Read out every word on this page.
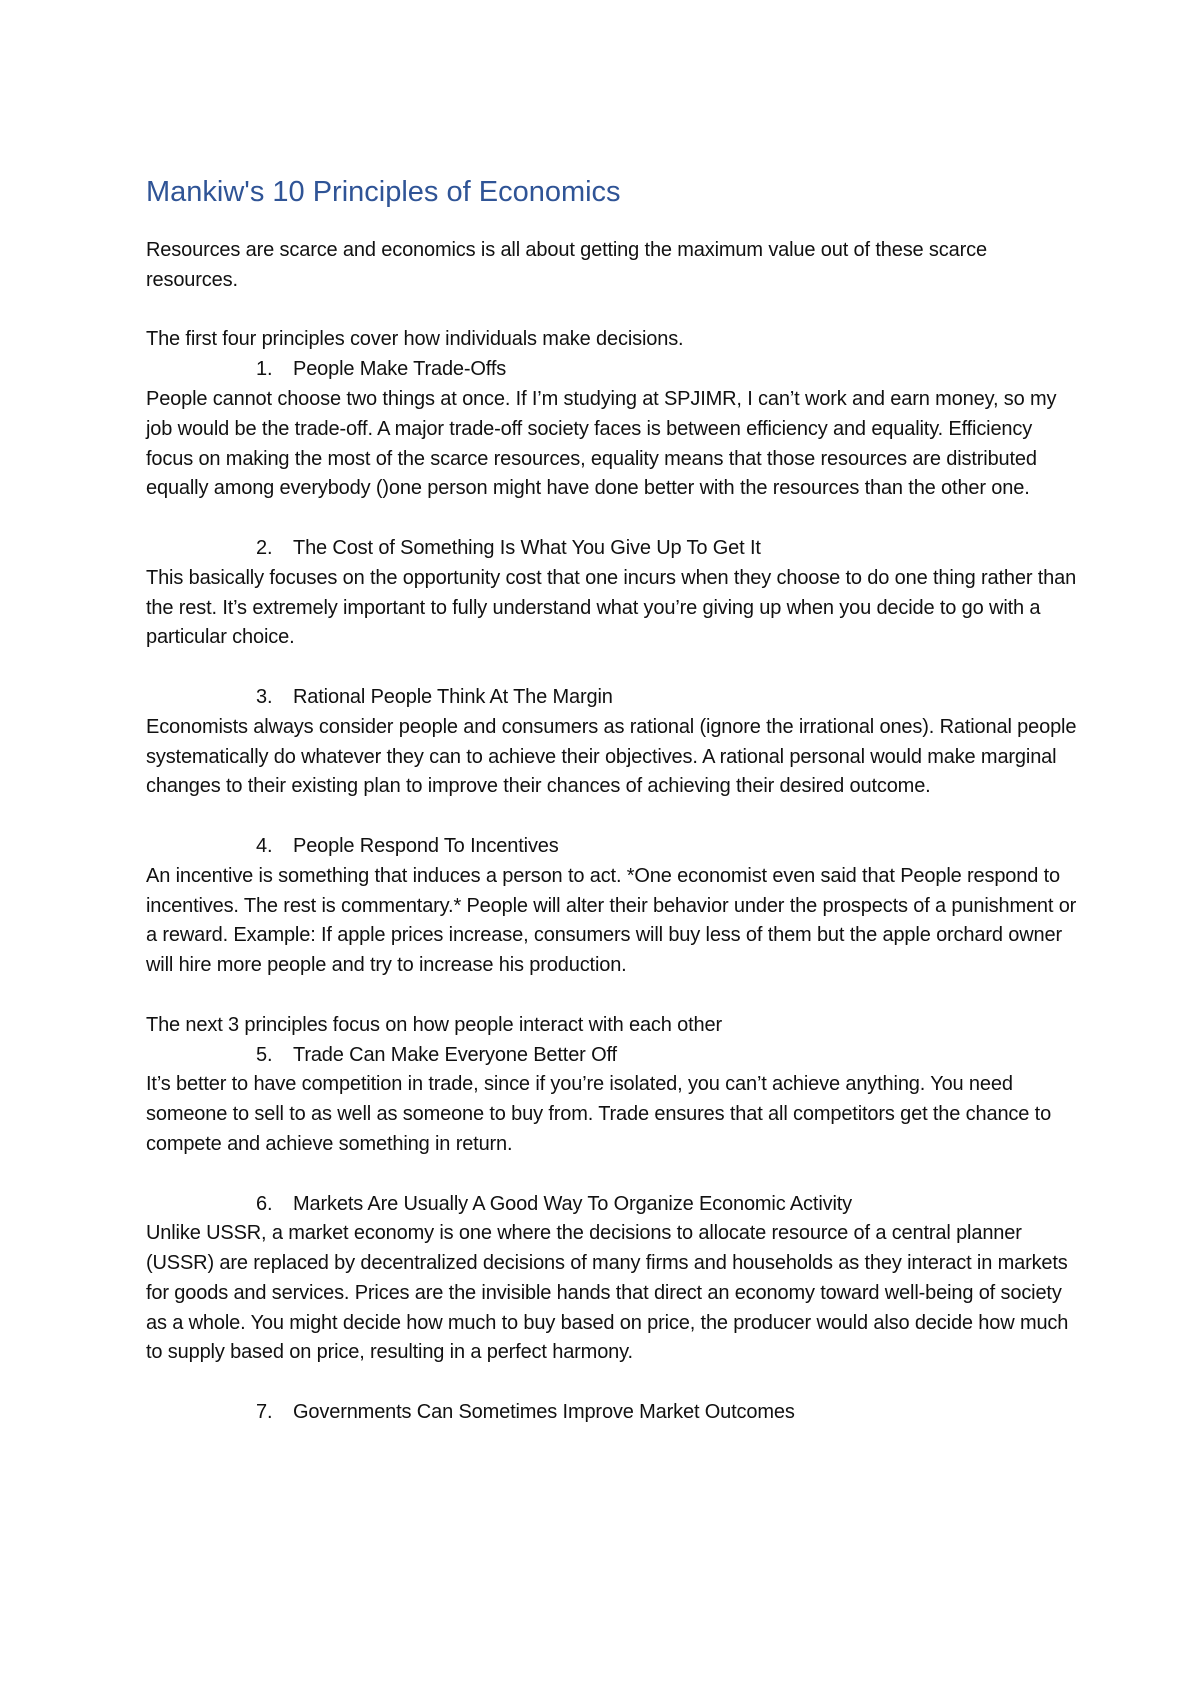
Mankiw's 10 Principles of Economics

Resources are scarce and economics is all about getting the maximum value out of these scarce resources.

The first four principles cover how individuals make decisions.

1.	People Make Trade-Offs

People cannot choose two things at once. If I’m studying at SPJIMR, I can’t work and earn money, so my job would be the trade-off. A major trade-off society faces is between efficiency and equality. Efficiency focus on making the most of the scarce resources, equality means that those resources are distributed equally among everybody ()one person might have done better with the resources than the other one.

2.	The Cost of Something Is What You Give Up To Get It

This basically focuses on the opportunity cost that one incurs when they choose to do one thing rather than the rest. It’s extremely important to fully understand what you’re giving up when you decide to go with a particular choice.

3.	Rational People Think At The Margin

Economists always consider people and consumers as rational (ignore the irrational ones). Rational people systematically do whatever they can to achieve their objectives. A rational personal would make marginal changes to their existing plan to improve their chances of achieving their desired outcome.

4.	People Respond To Incentives

An incentive is something that induces a person to act. *One economist even said that People respond to incentives. The rest is commentary.* People will alter their behavior under the prospects of a punishment or a reward. Example: If apple prices increase, consumers will buy less of them but the apple orchard owner will hire more people and try to increase his production.

The next 3 principles focus on how people interact with each other

5.	Trade Can Make Everyone Better Off

It’s better to have competition in trade, since if you’re isolated, you can’t achieve anything. You need someone to sell to as well as someone to buy from. Trade ensures that all competitors get the chance to compete and achieve something in return.

6.	Markets Are Usually A Good Way To Organize Economic Activity

Unlike USSR, a market economy is one where the decisions to allocate resource of a central planner (USSR) are replaced by decentralized decisions of many firms and households as they interact in markets for goods and services. Prices are the invisible hands that direct an economy toward well-being of society as a whole. You might decide how much to buy based on price, the producer would also decide how much to supply based on price, resulting in a perfect harmony.

7.	Governments Can Sometimes Improve Market Outcomes
